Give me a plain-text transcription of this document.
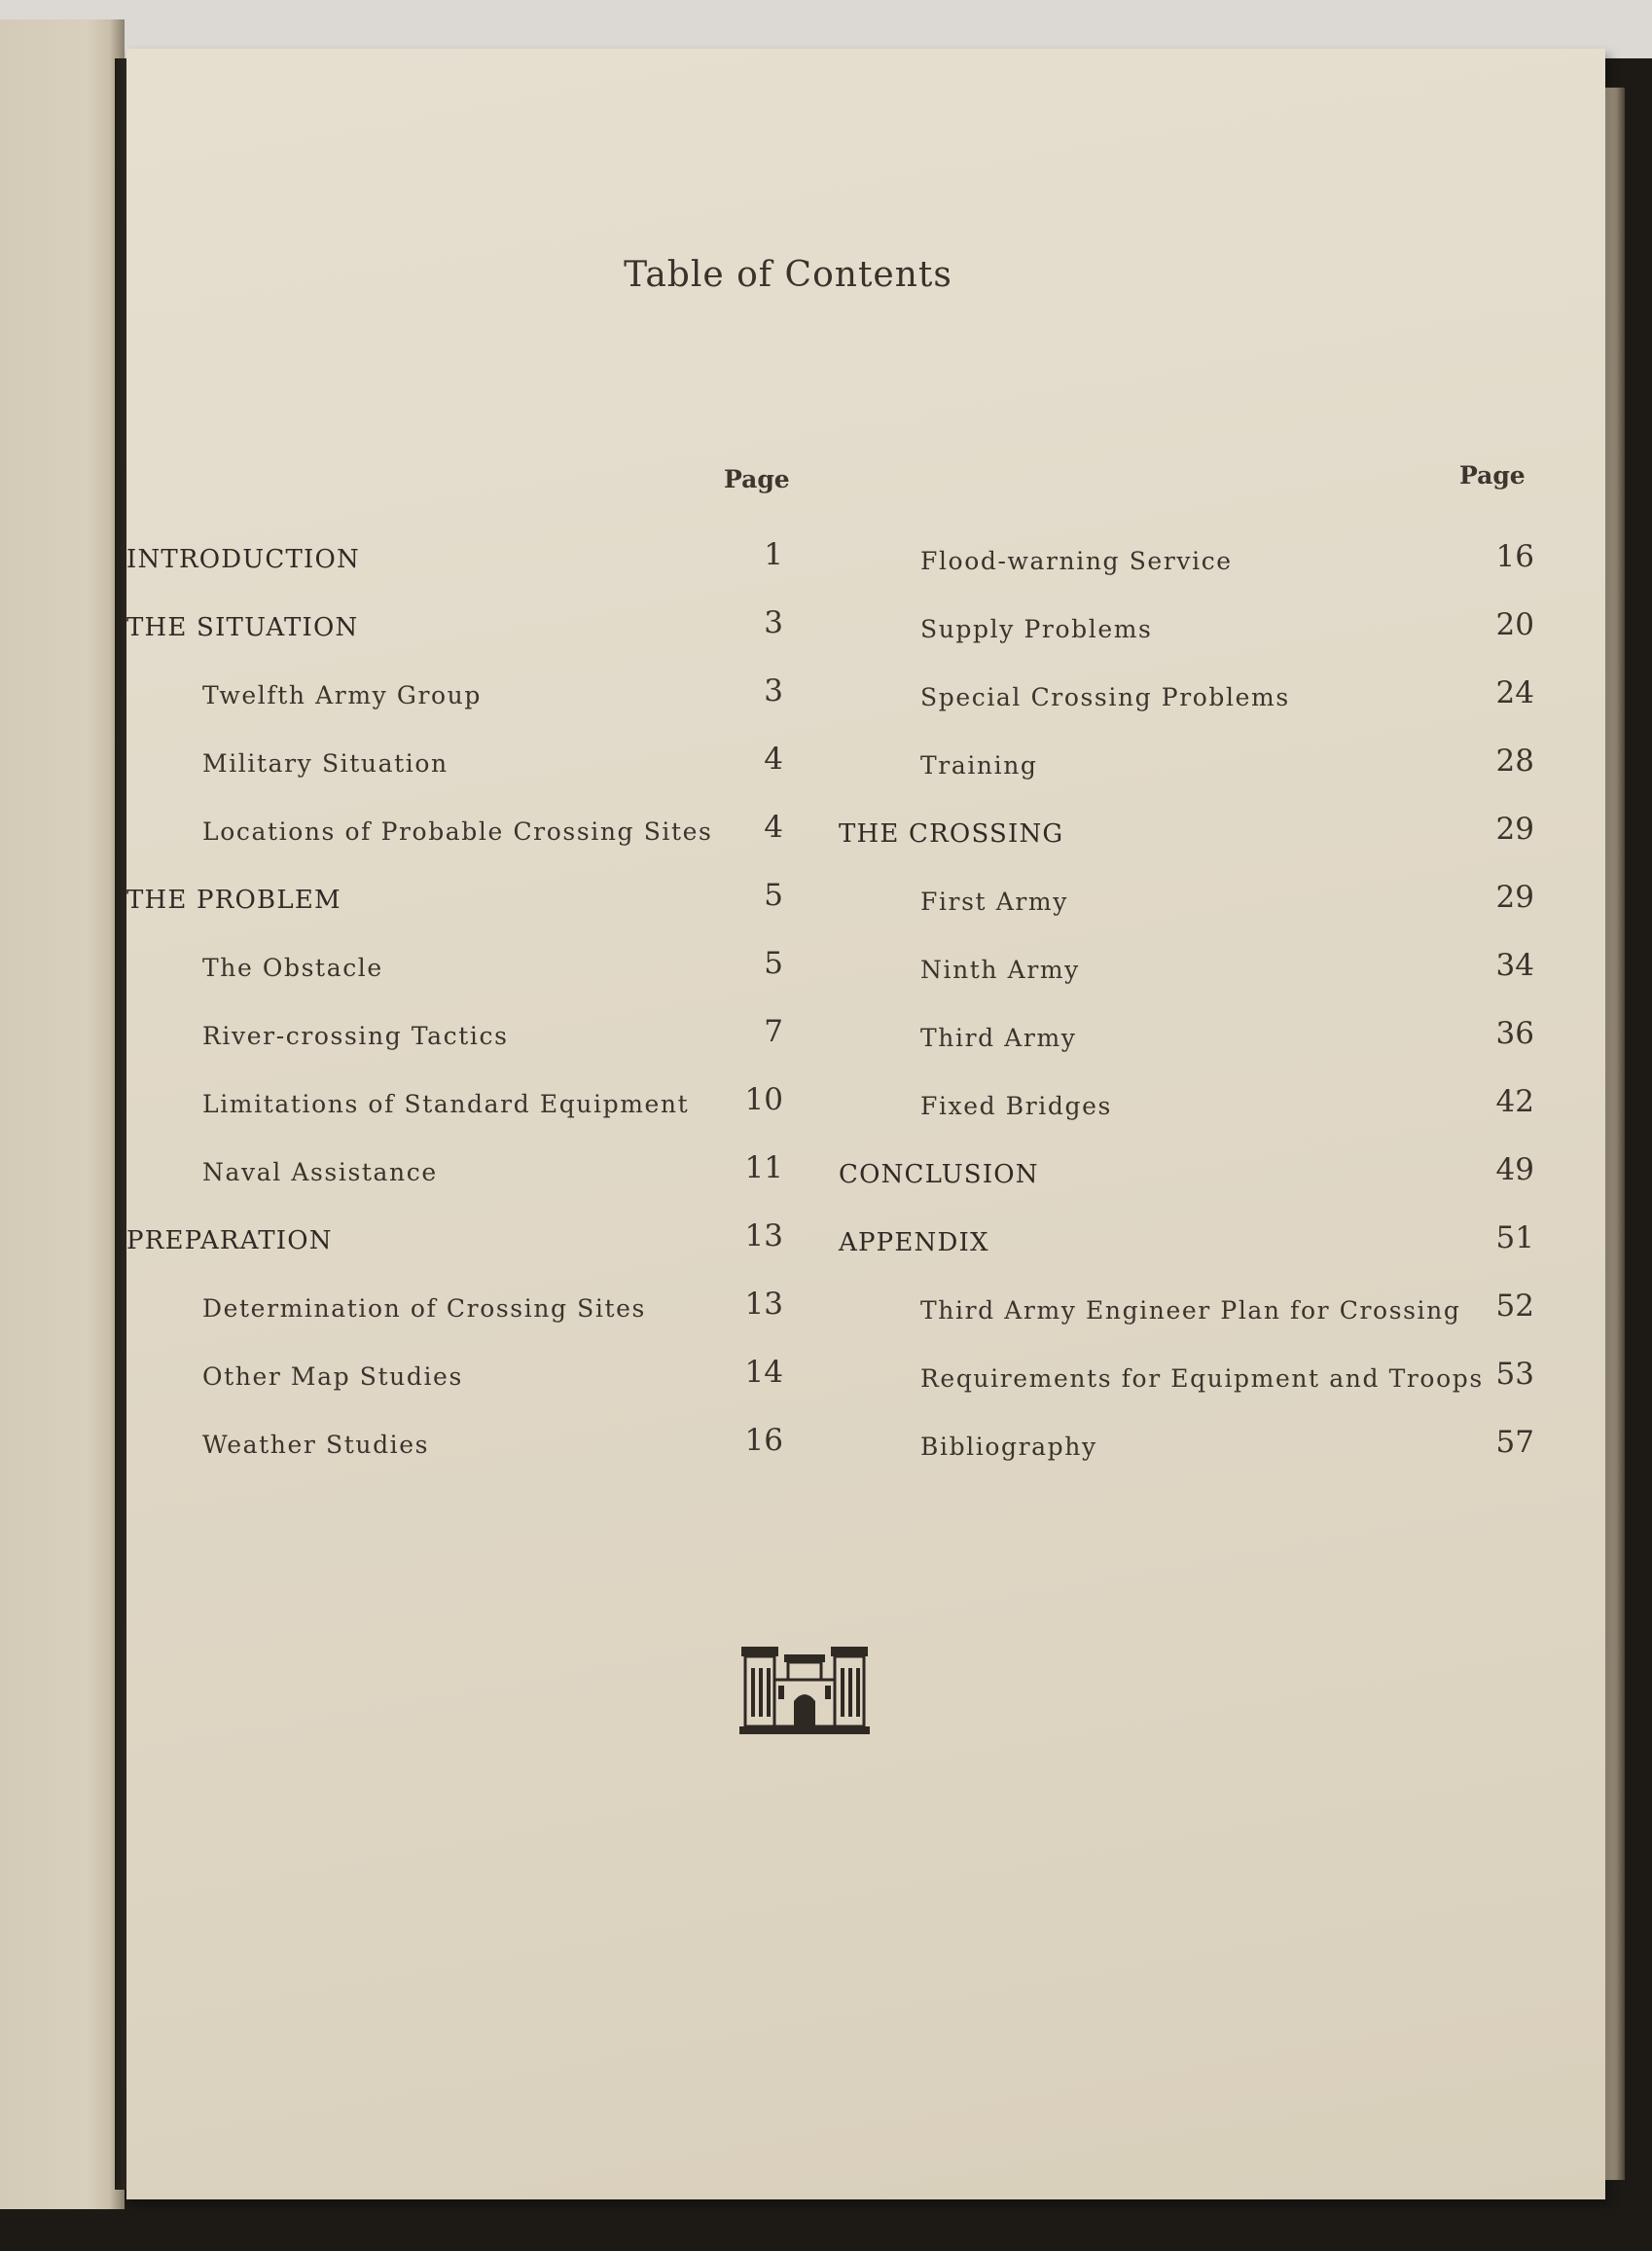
Table of Contents
Page	Page
INTRODUCTION	1
THE SITUATION	3
Twelfth Army Group	3
Military Situation	4
Locations of Probable Crossing Sites 4
THE PROBLEM	5
The Obstacle	5
River-crossing Tactics	7
Limitations of Standard Equipment 10
Naval Assistance	11
PREPARATION	13
Determination of Crossing Sites	13
Other Map Studies	14
Weather Studies	16
Flood-warning Service	16
Supply Problems	20
Special Crossing Problems	24
Training	28
THE CROSSING	29
First Army	29
Ninth Army	34
Third Army	36
Fixed Bridges	42
CONCLUSION	49
APPENDIX	51
Third Army Engineer Plan for Crossing 52
Requirements for Equipment and Troops 53
Bibliography	57
